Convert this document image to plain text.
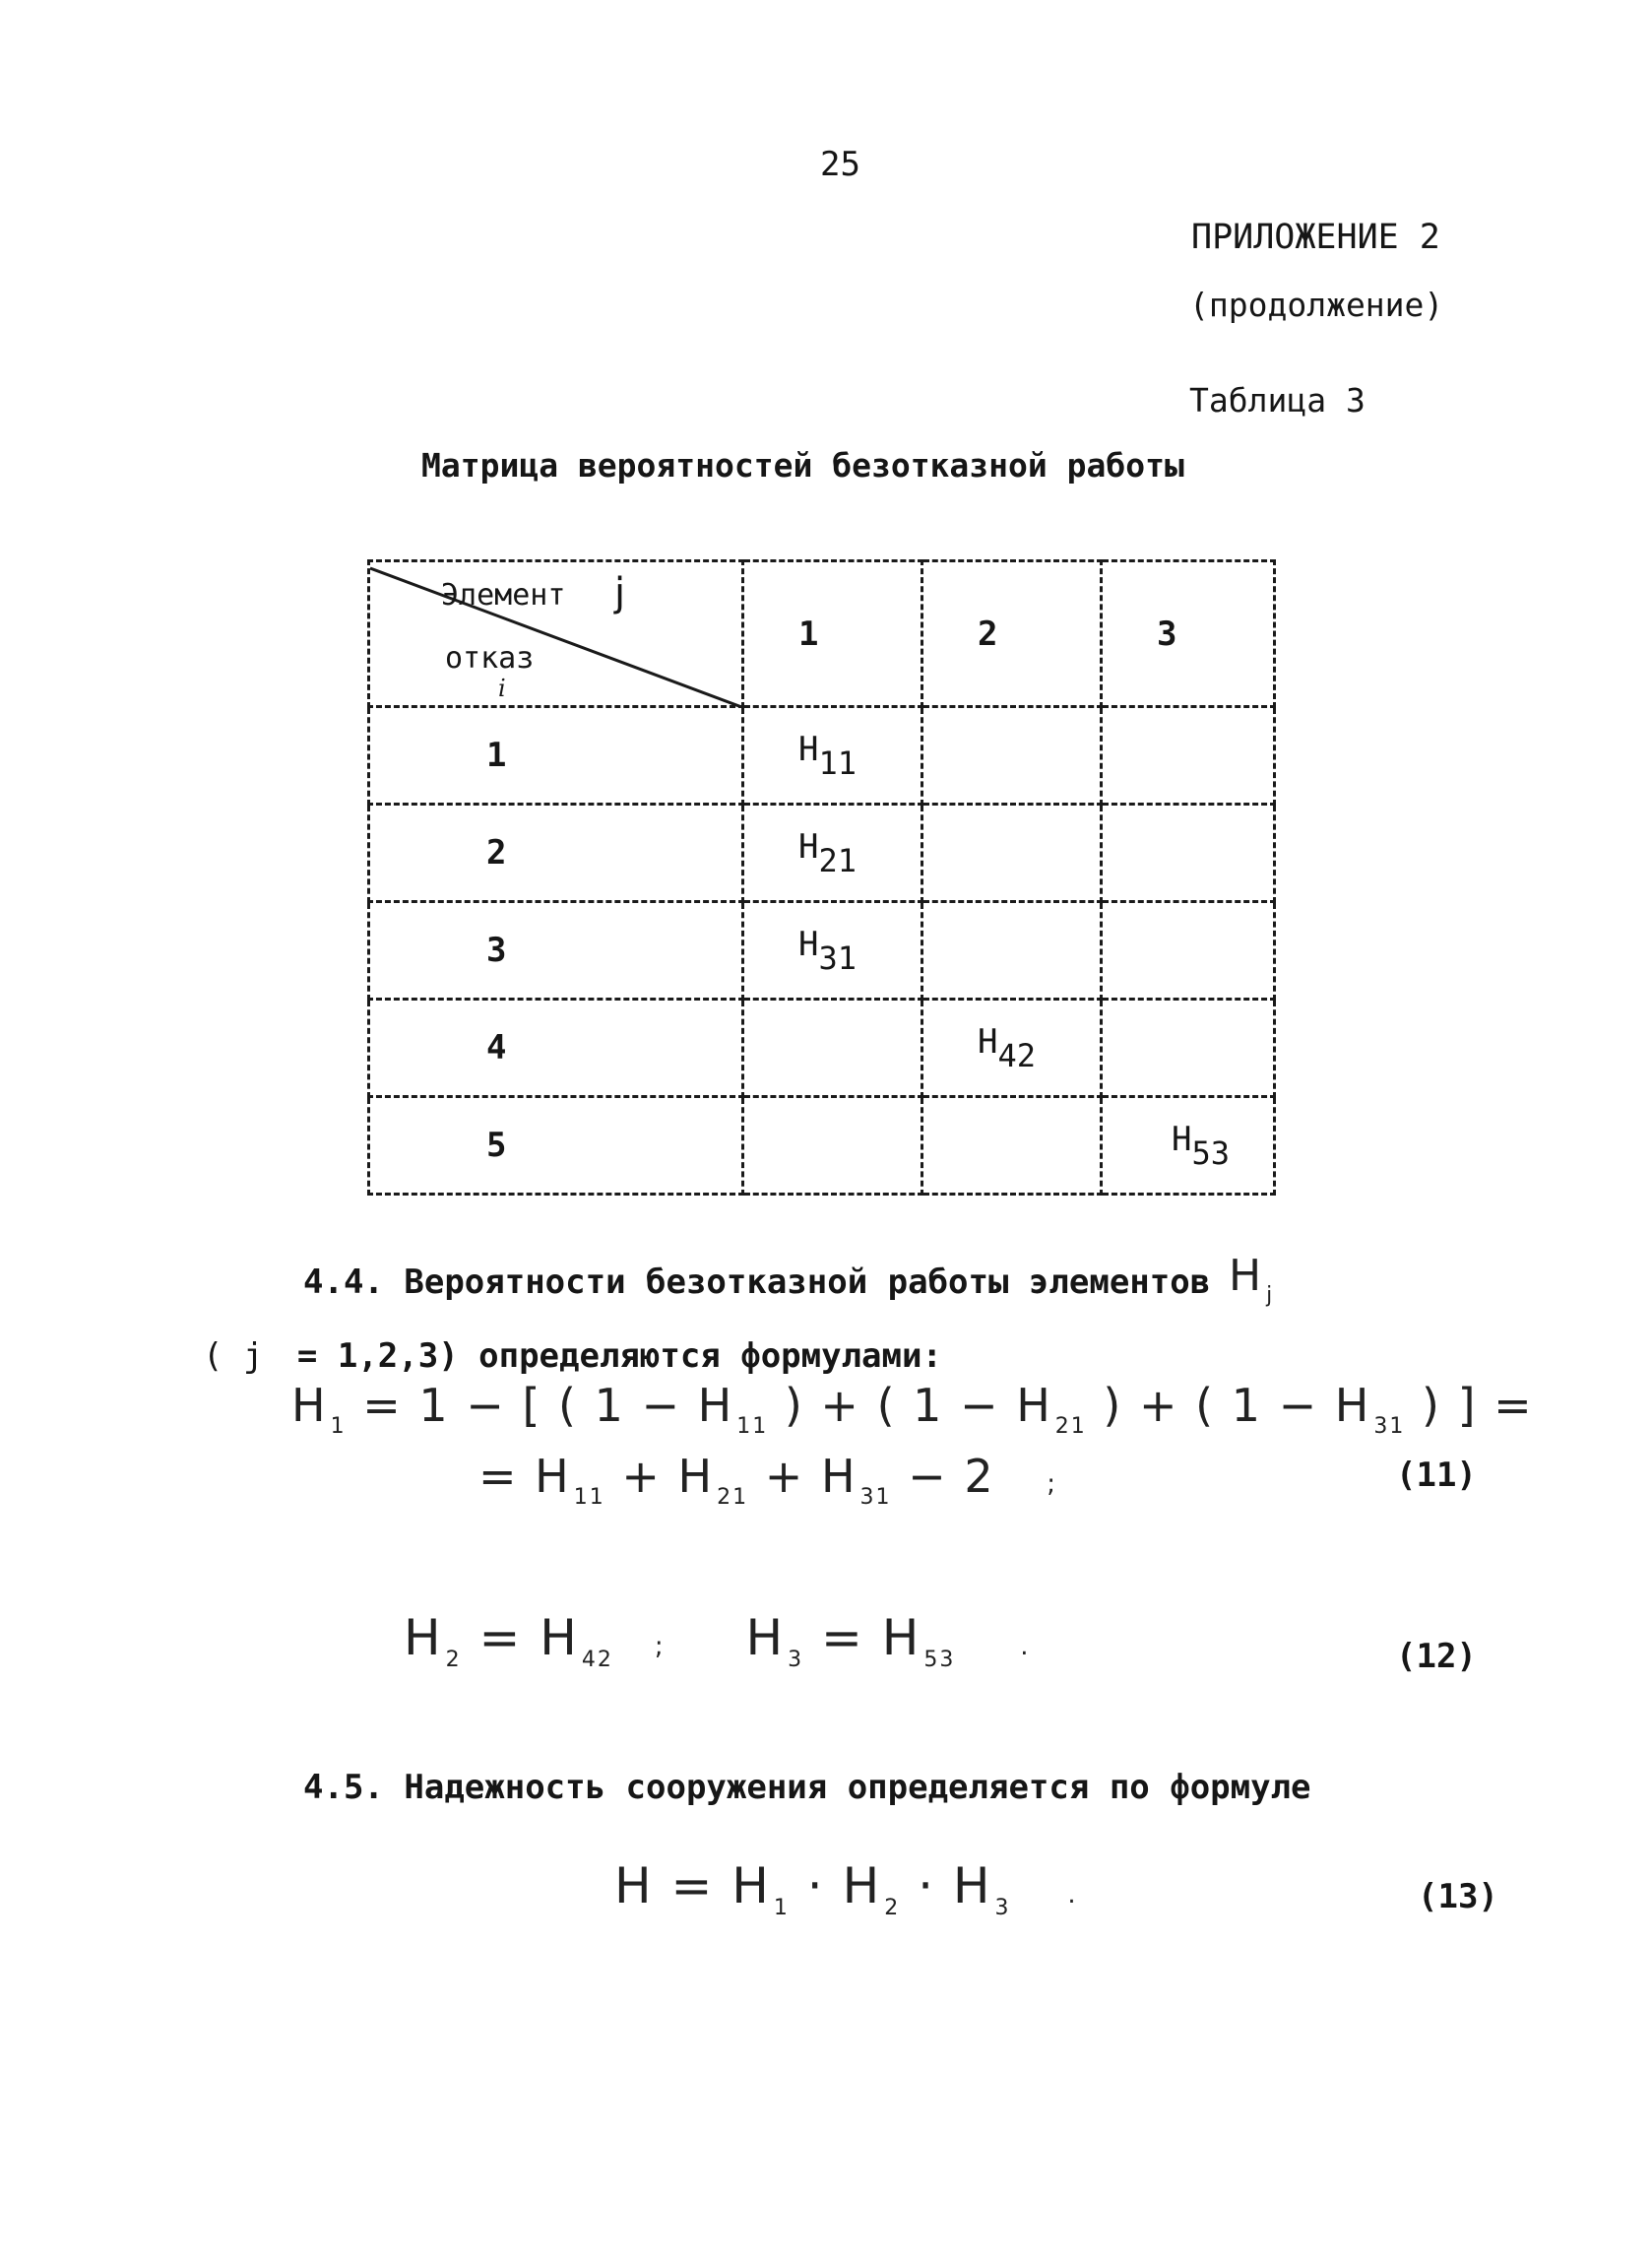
25
ПРИЛОЖЕНИЕ 2
(продолжение)
Таблица 3
Матрица вероятностей безотказной работы
Элемент j
отказ
i	1	2	3
1	$H_{11}$		
2	$H_{21}$		
3	$H_{31}$		
4		$H_{42}$	
5			$H_{53}$
4.4. Вероятности безотказной работы элементов H $_j$
( j = 1,2,3) определяются формулами:
H $_1$ = 1 − [ ( 1 − H $_{11}$ ) + ( 1 − H $_{21}$ ) + ( 1 − H $_{31}$ ) ] =
= H $_{11}$ + H $_{21}$ + H $_{31}$ − 2 ;	(11)
H $_2$ = H $_{42}$ ; H $_3$ = H $_{53}$	.	(12)
4.5. Надежность сооружения определяется по формуле
H = H $_1$ · H $_2$ · H $_3$ .	(13)
